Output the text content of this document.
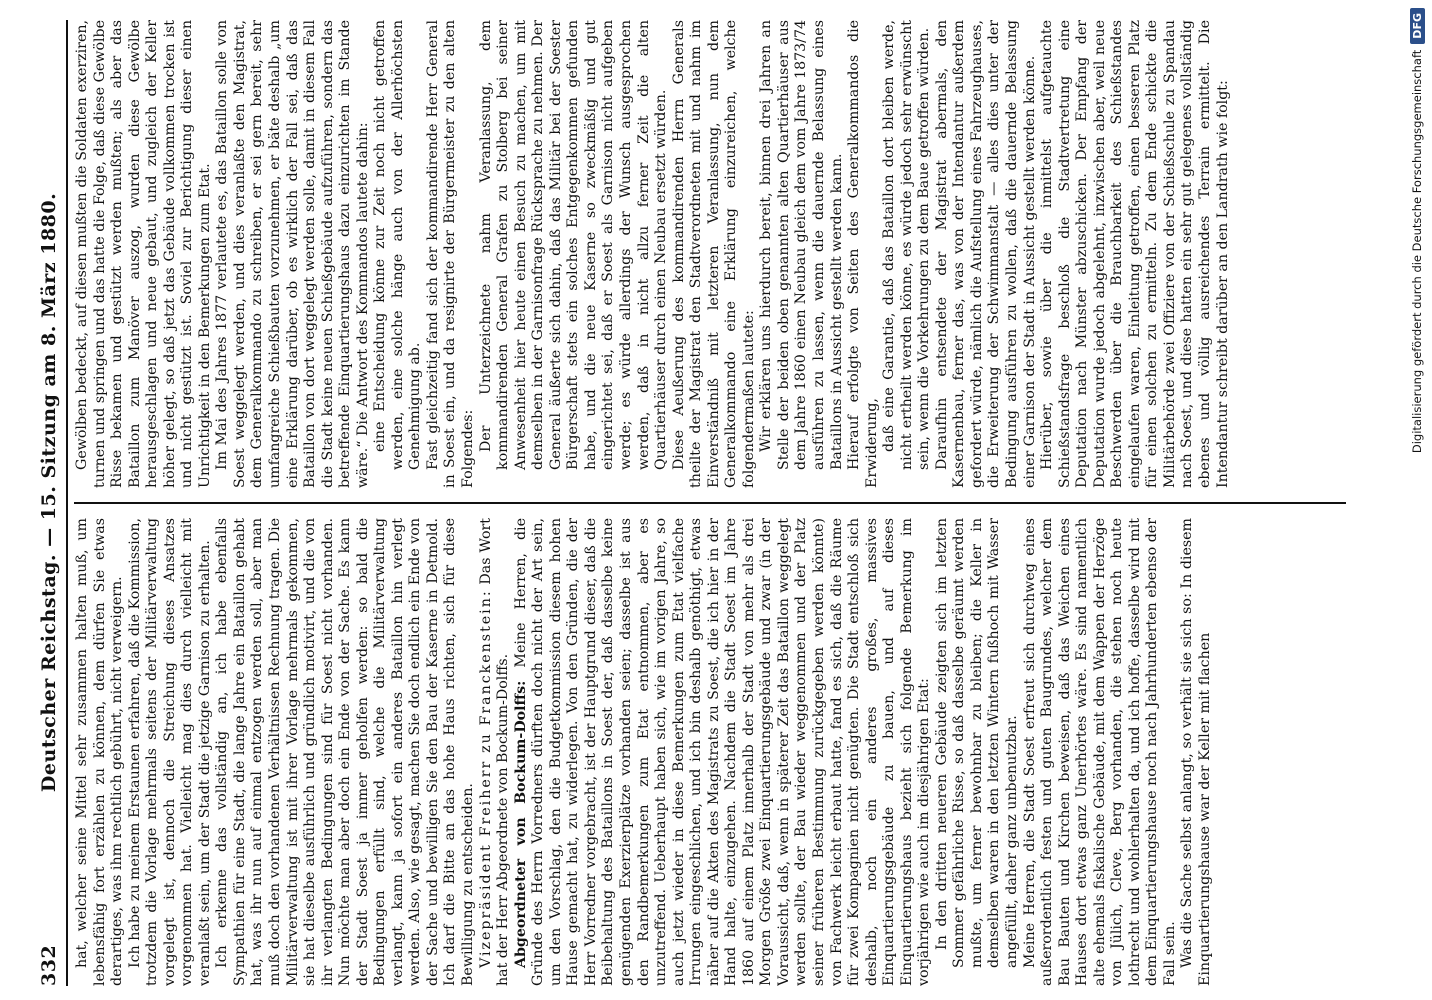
332
Deutscher Reichstag. — 15. Sitzung am 8. März 1880. hat, welcher seine Mittel sehr zusammen halten muß, um lebensfähig fort erzählen zu können, dem dürfen Sie etwas derartiges, was ihm rechtlich gebührt, nicht verweigern. Ich habe zu meinem Erstaunen erfahren, daß die Kommission, trotzdem die Vorlage mehrmals seitens der Militärverwaltung vorgelegt ist, dennoch die Streichung dieses Ansatzes vorgenommen hat. Vielleicht mag dies durch vielleicht mit veranlaßt sein, um der Stadt die jetzige Garnison zu erhalten. Ich erkenne das vollständig an, ich habe ebenfalls Sympathien für eine Stadt, die lange Jahre ein Bataillon gehabt hat, was ihr nun auf einmal entzogen werden soll, aber man muß doch den vorhandenen Verhältnissen Rechnung tragen. Die Militärverwaltung ist mit ihrer Vorlage mehrmals gekommen, sie hat dieselbe ausführlich und gründlich motivirt, und die von ihr verlangten Bedingungen sind für Soest nicht vorhanden. Nun möchte man aber doch ein Ende von der Sache. Es kann der Stadt Soest ja immer geholfen werden: so bald die Bedingungen erfüllt sind, welche die Militärverwaltung verlangt, kann ja sofort ein anderes Bataillon hin verlegt werden. Also, wie gesagt, machen Sie doch endlich ein Ende von der Sache und bewilligen Sie den Bau der Kaserne in Detmold. Ich darf die Bitte an das hohe Haus richten, sich für diese Bewilligung zu entscheiden. Vizepräsident Freiherr zu Franckenstein: Das Wort hat der Herr Abgeordnete von Bockum-Dolffs. Abgeordneter von Bockum-Dolffs: Meine Herren, die Gründe des Herrn Vorredners dürften doch nicht der Art sein, um den Vorschlag, den die Budgetkommission diesem hohen Hause gemacht hat, zu widerlegen. Von den Gründen, die der Herr Vorredner vorgebracht, ist der Hauptgrund dieser, daß die Beibehaltung des Bataillons in Soest der, daß dasselbe keine genügenden Exerzierplätze vorhanden seien; dasselbe ist aus den Randbemerkungen zum Etat entnommen, aber es unzutreffend. Ueberhaupt haben sich, wie im vorigen Jahre, so auch jetzt wieder in diese Bemerkungen zum Etat vielfache Irrungen eingeschlichen, und ich bin deshalb genöthigt, etwas näher auf die Akten des Magistrats zu Soest, die ich hier in der Hand halte, einzugehen. Nachdem die Stadt Soest im Jahre 1860 auf einem Platz innerhalb der Stadt von mehr als drei Morgen Größe zwei Einquartierungsgebäude und zwar (in der Voraussicht, daß, wenn in späterer Zeit das Bataillon weggelegt werden sollte, der Bau wieder weggenommen und der Platz seiner früheren Bestimmung zurückgegeben werden könnte) von Fachwerk leicht erbaut hatte, fand es sich, daß die Räume für zwei Kompagnien nicht genügten. Die Stadt entschloß sich deshalb, noch ein anderes großes, massives Einquartierungsgebäude zu bauen, und auf dieses Einquartierungshaus bezieht sich folgende Bemerkung im vorjährigen wie auch im diesjährigen Etat: In den dritten neueren Gebäude zeigten sich im letzten Sommer gefährliche Risse, so daß dasselbe geräumt werden mußte, um ferner bewohnbar zu bleiben; die Keller in demselben waren in den letzten Wintern fußhoch mit Wasser angefüllt, daher ganz unbenutzbar. Meine Herren, die Stadt Soest erfreut sich durchweg eines außerordentlich festen und guten Baugrundes, welcher dem Bau Bauten und Kirchen beweisen, daß das Weichen eines Hauses dort etwas ganz Unerhörtes wäre. Es sind namentlich alte ehemals fiskalische Gebäude, mit dem Wappen der Herzöge von Jülich, Cleve, Berg vorhanden, die stehen noch heute lothrecht und wohlerhalten da, und ich hoffe, dasselbe wird mit dem Einquartierungshause noch nach Jahrhunderten ebenso der Fall sein. Was die Sache selbst anlangt, so verhält sie sich so: In diesem Einquartierungshause war der Keller mit flachen

Gewölben bedeckt, auf diesen mußten die Soldaten exerziren, turnen und springen und das hatte die Folge, daß diese Gewölbe Risse bekamen und gestützt werden mußten; als aber das Bataillon zum Manöver auszog, wurden diese Gewölbe herausgeschlagen und neue gebaut, und zugleich der Keller höher gelegt, so daß jetzt das Gebäude vollkommen trocken ist und nicht gestützt ist. Soviel zur Berichtigung dieser einen Unrichtigkeit in den Bemerkungen zum Etat. Im Mai des Jahres 1877 verlautete es, das Bataillon solle von Soest weggelegt werden, und dies veranlaßte den Magistrat, dem Generalkommando zu schreiben, er sei gern bereit, sehr umfangreiche Schießbauten vorzunehmen, er bäte deshalb „um eine Erklärung darüber, ob es wirklich der Fall sei, daß das Bataillon von dort weggelegt werden solle, damit in diesem Fall die Stadt keine neuen Schießgebäude aufzuführen, sondern das betreffende Einquartierungshaus dazu einzurichten im Stande wäre.“ Die Antwort des Kommandos lautete dahin: eine Entscheidung könne zur Zeit noch nicht getroffen werden, eine solche hänge auch von der Allerhöchsten Genehmigung ab. Fast gleichzeitig fand sich der kommandirende Herr General in Soest ein, und da resignirte der Bürgermeister zu den alten Folgendes: Der Unterzeichnete nahm Veranlassung, dem kommandirenden General Grafen zu Stolberg bei seiner Anwesenheit hier heute einen Besuch zu machen, um mit demselben in der Garnisonfrage Rücksprache zu nehmen. Der General äußerte sich dahin, daß das Militär bei der Soester Bürgerschaft stets ein solches Entgegenkommen gefunden habe, und die neue Kaserne so zweckmäßig und gut eingerichtet sei, daß er Soest als Garnison nicht aufgeben werde; es würde allerdings der Wunsch ausgesprochen werden, daß in nicht allzu ferner Zeit die alten Quartierhäuser durch einen Neubau ersetzt würden. Diese Aeußerung des kommandirenden Herrn Generals theilte der Magistrat den Stadtverordneten mit und nahm im Einverständniß mit letzteren Veranlassung, nun dem Generalkommando eine Erklärung einzureichen, welche folgendermaßen lautete: Wir erklären uns hierdurch bereit, binnen drei Jahren an Stelle der beiden oben genannten alten Quartierhäuser aus dem Jahre 1860 einen Neubau gleich dem vom Jahre 1873/74 ausführen zu lassen, wenn die dauernde Belassung eines Bataillons in Aussicht gestellt werden kann. Hierauf erfolgte von Seiten des Generalkommandos die Erwiderung, daß eine Garantie, daß das Bataillon dort bleiben werde, nicht ertheilt werden könne, es würde jedoch sehr erwünscht sein, wenn die Vorkehrungen zu dem Baue getroffen würden. Daraufhin entsendete der Magistrat abermals, den Kasernenbau, ferner das, was von der Intendantur außerdem gefordert würde, nämlich die Aufstellung eines Fahrzeughauses, die Erweiterung der Schwimmanstalt — alles dies unter der Bedingung ausführen zu wollen, daß die dauernde Belassung einer Garnison der Stadt in Aussicht gestellt werden könne. Hierüber, sowie über die inmittelst aufgetauchte Schießstandsfrage beschloß die Stadtvertretung eine Deputation nach Münster abzuschicken. Der Empfang der Deputation wurde jedoch abgelehnt, inzwischen aber, weil neue Beschwerden über die Brauchbarkeit des Schießstandes eingelaufen waren, Einleitung getroffen, einen besseren Platz für einen solchen zu ermitteln. Zu dem Ende schickte die Militärbehörde zwei Offiziere von der Schießschule zu Spandau nach Soest, und diese hatten ein sehr gut gelegenes vollständig ebenes und völlig ausreichendes Terrain ermittelt. Die Intendantur schreibt darüber an den Landrath wie folgt:	Digitalisierung gefördert durch die Deutsche Forschungsgemeinschaft
DFG
